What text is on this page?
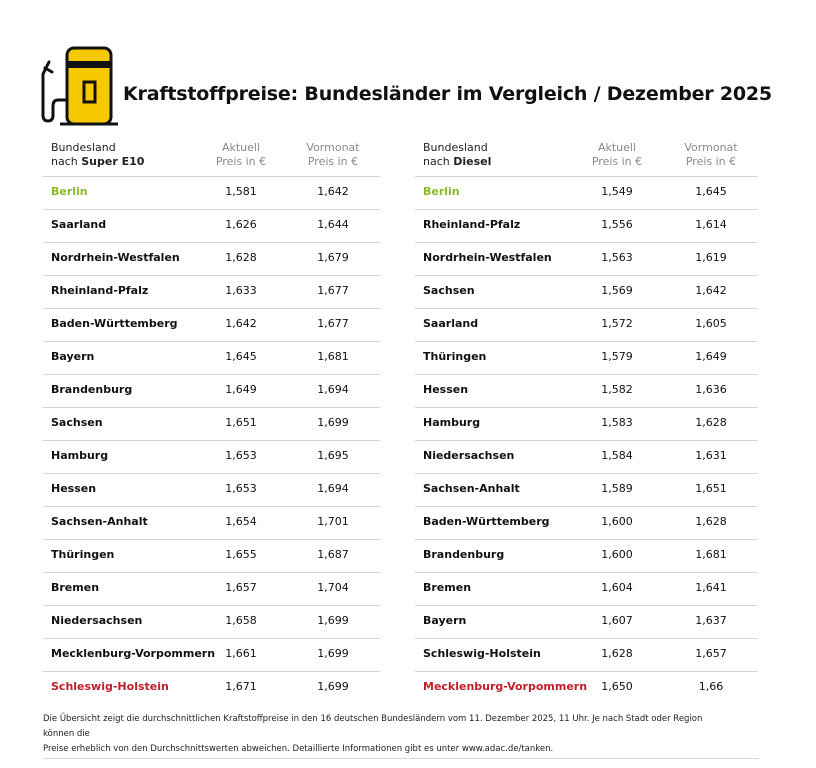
Kraftstoffpreise: Bundesländer im Vergleich / Dezember 2025
Bundesland
nach Super E10
Aktuell
Preis in €
Vormonat
Preis in €
Berlin	1,581	1,642
Saarland	1,626	1,644
Nordrhein-Westfalen	1,628	1,679
Rheinland-Pfalz	1,633	1,677
Baden-Württemberg	1,642	1,677
Bayern	1,645	1,681
Brandenburg	1,649	1,694
Sachsen	1,651	1,699
Hamburg	1,653	1,695
Hessen	1,653	1,694
Sachsen-Anhalt	1,654	1,701
Thüringen	1,655	1,687
Bremen	1,657	1,704
Niedersachsen	1,658	1,699
Mecklenburg-Vorpommern 1,661	1,699
Schleswig-Holstein	1,671	1,699
Bundesland
nach Diesel
Aktuell
Preis in €
Vormonat
Preis in €
Berlin	1,549	1,645
Rheinland-Pfalz	1,556	1,614
Nordrhein-Westfalen	1,563	1,619
Sachsen	1,569	1,642
Saarland	1,572	1,605
Thüringen	1,579	1,649
Hessen	1,582	1,636
Hamburg	1,583	1,628
Niedersachsen	1,584	1,631
Sachsen-Anhalt	1,589	1,651
Baden-Württemberg	1,600	1,628
Brandenburg	1,600	1,681
Bremen	1,604	1,641
Bayern	1,607	1,637
Schleswig-Holstein	1,628	1,657
Mecklenburg-Vorpommern	1,650	1,66

Die Übersicht zeigt die durchschnittlichen Kraftstoffpreise in den 16 deutschen Bundesländern vom 11. Dezember 2025, 11 Uhr. Je nach Stadt oder Region können die
Preise erheblich von den Durchschnittswerten abweichen. Detaillierte Informationen gibt es unter www.adac.de/tanken.
